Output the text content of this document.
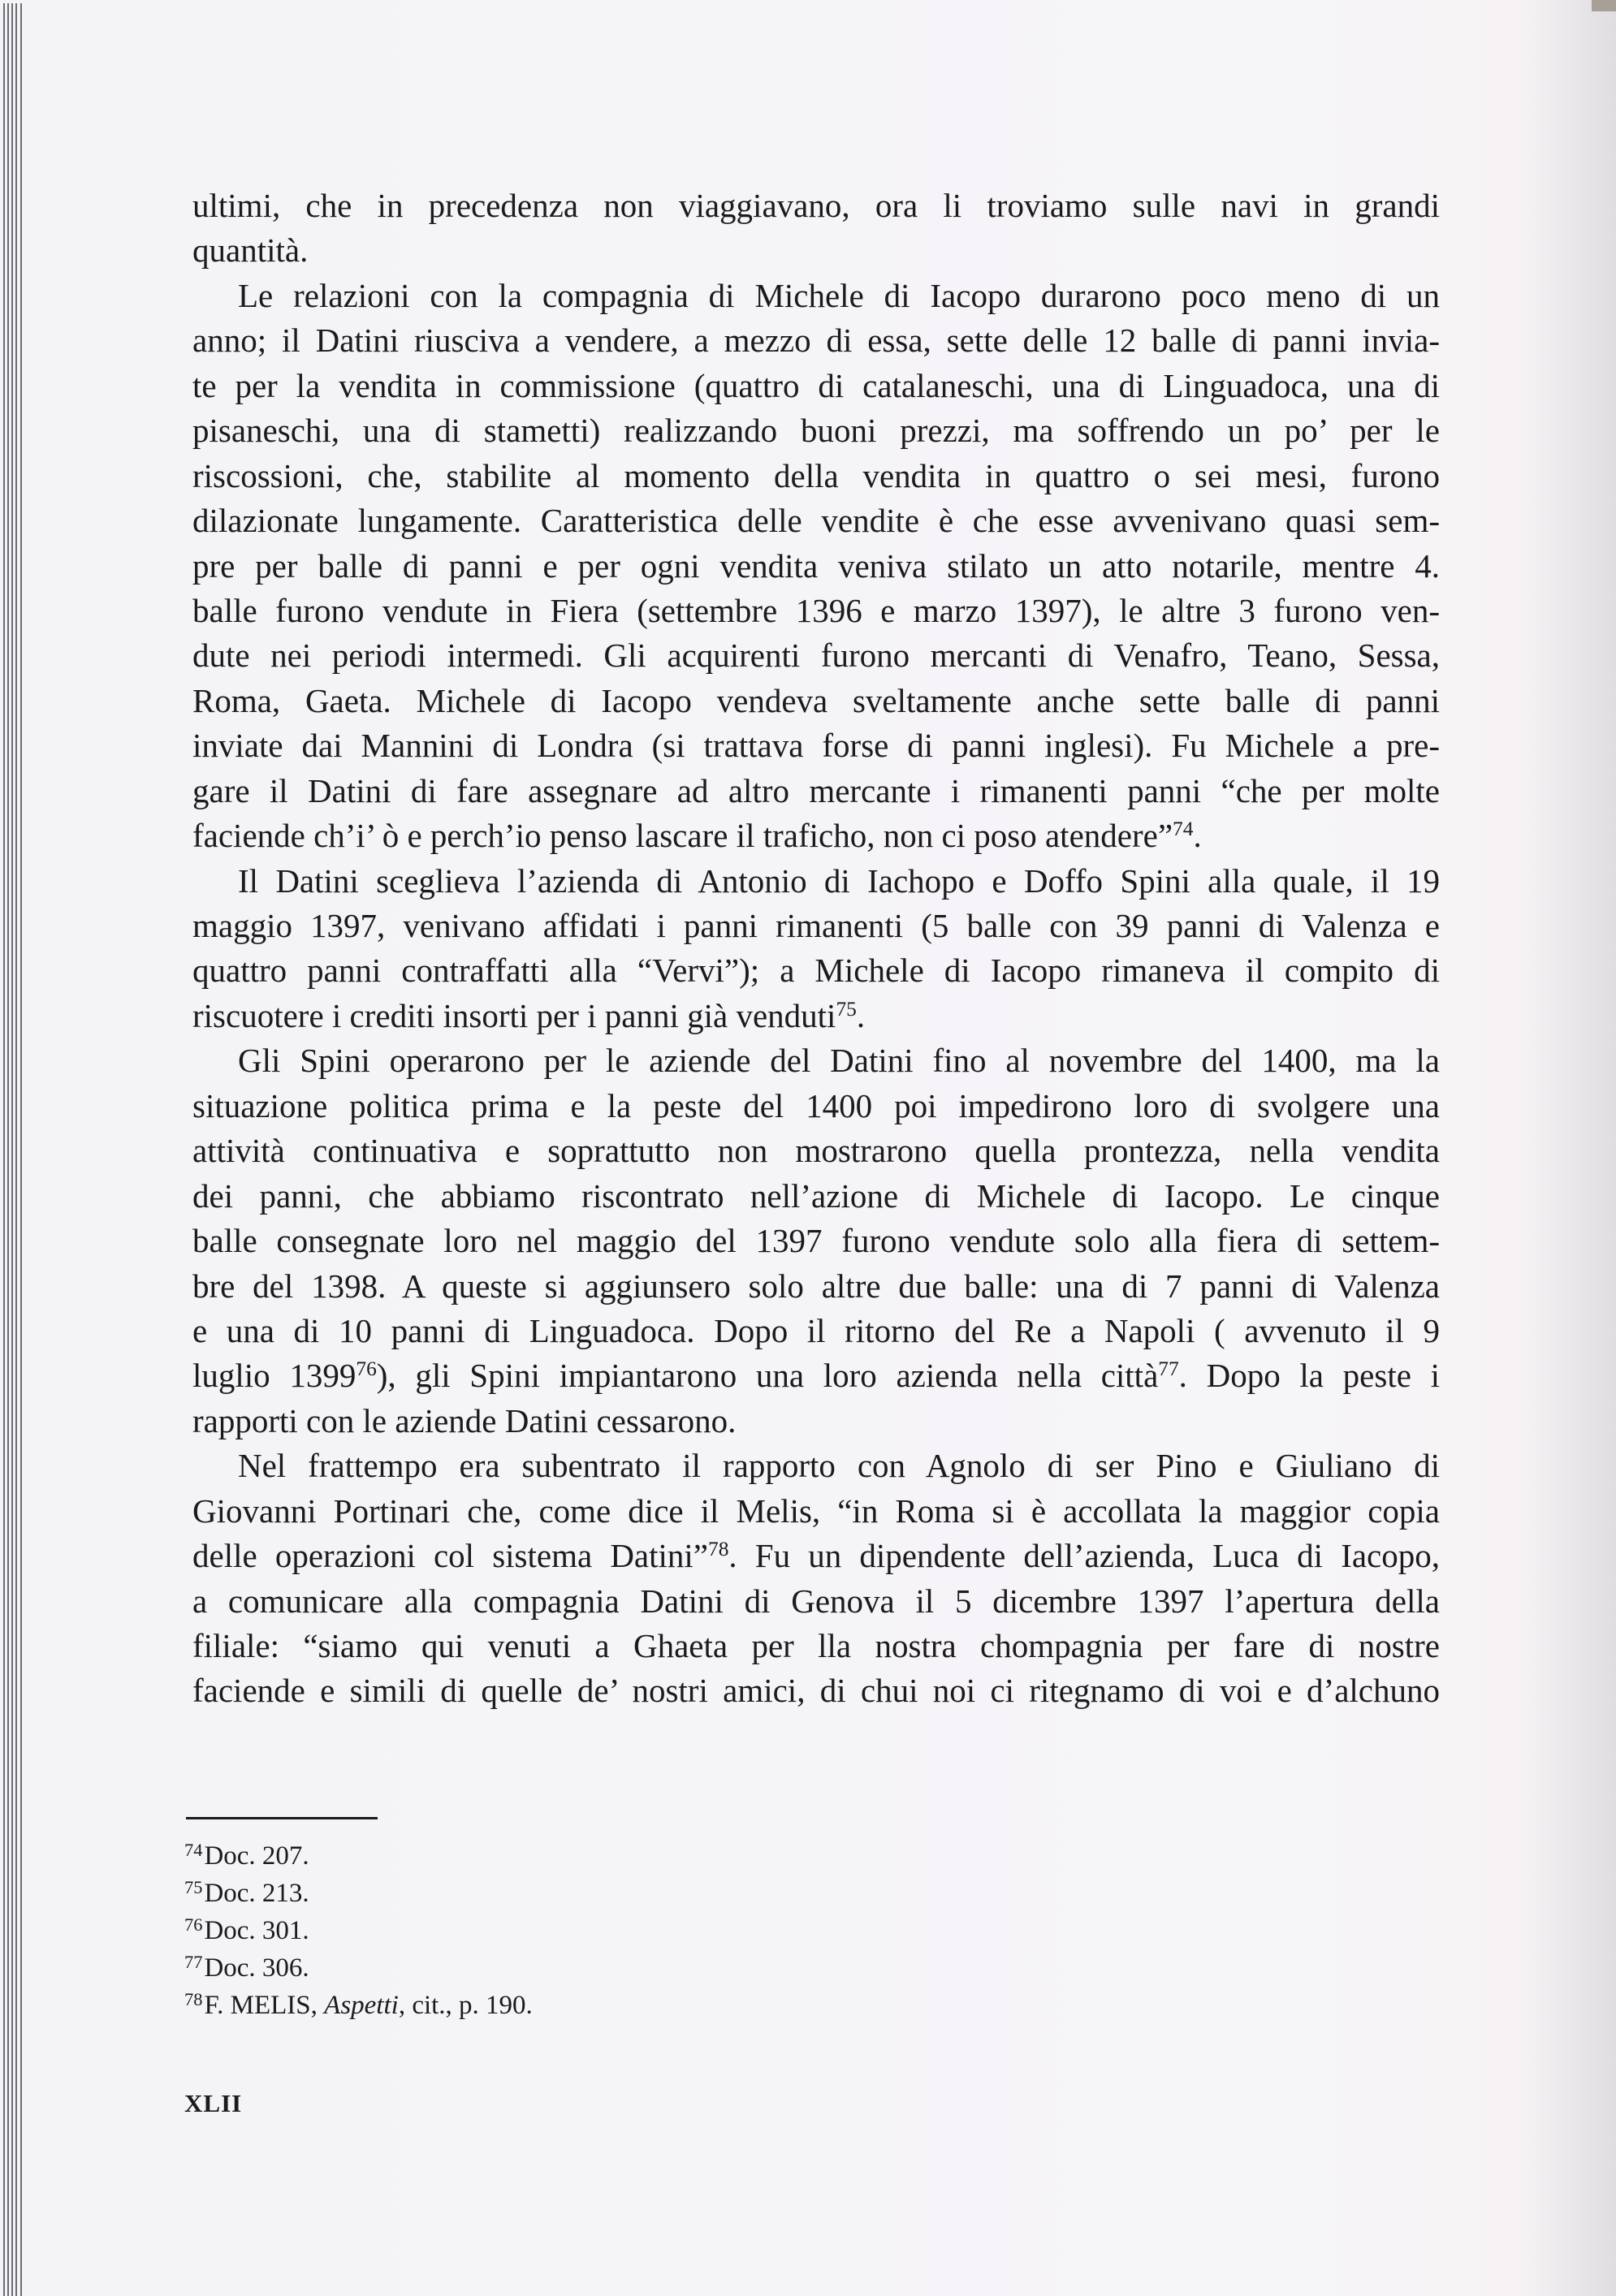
ultimi, che in precedenza non viaggiavano, ora li troviamo sulle navi in grandi
quantità.
Le relazioni con la compagnia di Michele di Iacopo durarono poco meno di un
anno; il Datini riusciva a vendere, a mezzo di essa, sette delle 12 balle di panni invia-
te per la vendita in commissione (quattro di catalaneschi, una di Linguadoca, una di
pisaneschi, una di stametti) realizzando buoni prezzi, ma soffrendo un po’ per le
riscossioni, che, stabilite al momento della vendita in quattro o sei mesi, furono
dilazionate lungamente. Caratteristica delle vendite è che esse avvenivano quasi sem-
pre per balle di panni e per ogni vendita veniva stilato un atto notarile, mentre 4.
balle furono vendute in Fiera (settembre 1396 e marzo 1397), le altre 3 furono ven-
dute nei periodi intermedi. Gli acquirenti furono mercanti di Venafro, Teano, Sessa,
Roma, Gaeta. Michele di Iacopo vendeva sveltamente anche sette balle di panni
inviate dai Mannini di Londra (si trattava forse di panni inglesi). Fu Michele a pre-
gare il Datini di fare assegnare ad altro mercante i rimanenti panni “che per molte
faciende ch’i’ ò e perch’io penso lascare il traficho, non ci poso atendere”$^{74}$.
Il Datini sceglieva l’azienda di Antonio di Iachopo e Doffo Spini alla quale, il 19
maggio 1397, venivano affidati i panni rimanenti (5 balle con 39 panni di Valenza e
quattro panni contraffatti alla “Vervi”); a Michele di Iacopo rimaneva il compito di
riscuotere i crediti insorti per i panni già venduti$^{75}$.
Gli Spini operarono per le aziende del Datini fino al novembre del 1400, ma la
situazione politica prima e la peste del 1400 poi impedirono loro di svolgere una
attività continuativa e soprattutto non mostrarono quella prontezza, nella vendita
dei panni, che abbiamo riscontrato nell’azione di Michele di Iacopo. Le cinque
balle consegnate loro nel maggio del 1397 furono vendute solo alla fiera di settem-
bre del 1398. A queste si aggiunsero solo altre due balle: una di 7 panni di Valenza
e una di 10 panni di Linguadoca. Dopo il ritorno del Re a Napoli ( avvenuto il 9
luglio 1399$^{76}$), gli Spini impiantarono una loro azienda nella città$^{77}$. Dopo la peste i
rapporti con le aziende Datini cessarono.
Nel frattempo era subentrato il rapporto con Agnolo di ser Pino e Giuliano di
Giovanni Portinari che, come dice il Melis, “in Roma si è accollata la maggior copia
delle operazioni col sistema Datini”$^{78}$. Fu un dipendente dell’azienda, Luca di Iacopo,
a comunicare alla compagnia Datini di Genova il 5 dicembre 1397 l’apertura della
filiale: “siamo qui venuti a Ghaeta per lla nostra chompagnia per fare di nostre
faciende e simili di quelle de’ nostri amici, di chui noi ci ritegnamo di voi e d’alchuno
$^{74}$Doc. 207.
$^{75}$Doc. 213.
$^{76}$Doc. 301.
$^{77}$Doc. 306.
$^{78}$F. MELIS, Aspetti, cit., p. 190.
XLII
